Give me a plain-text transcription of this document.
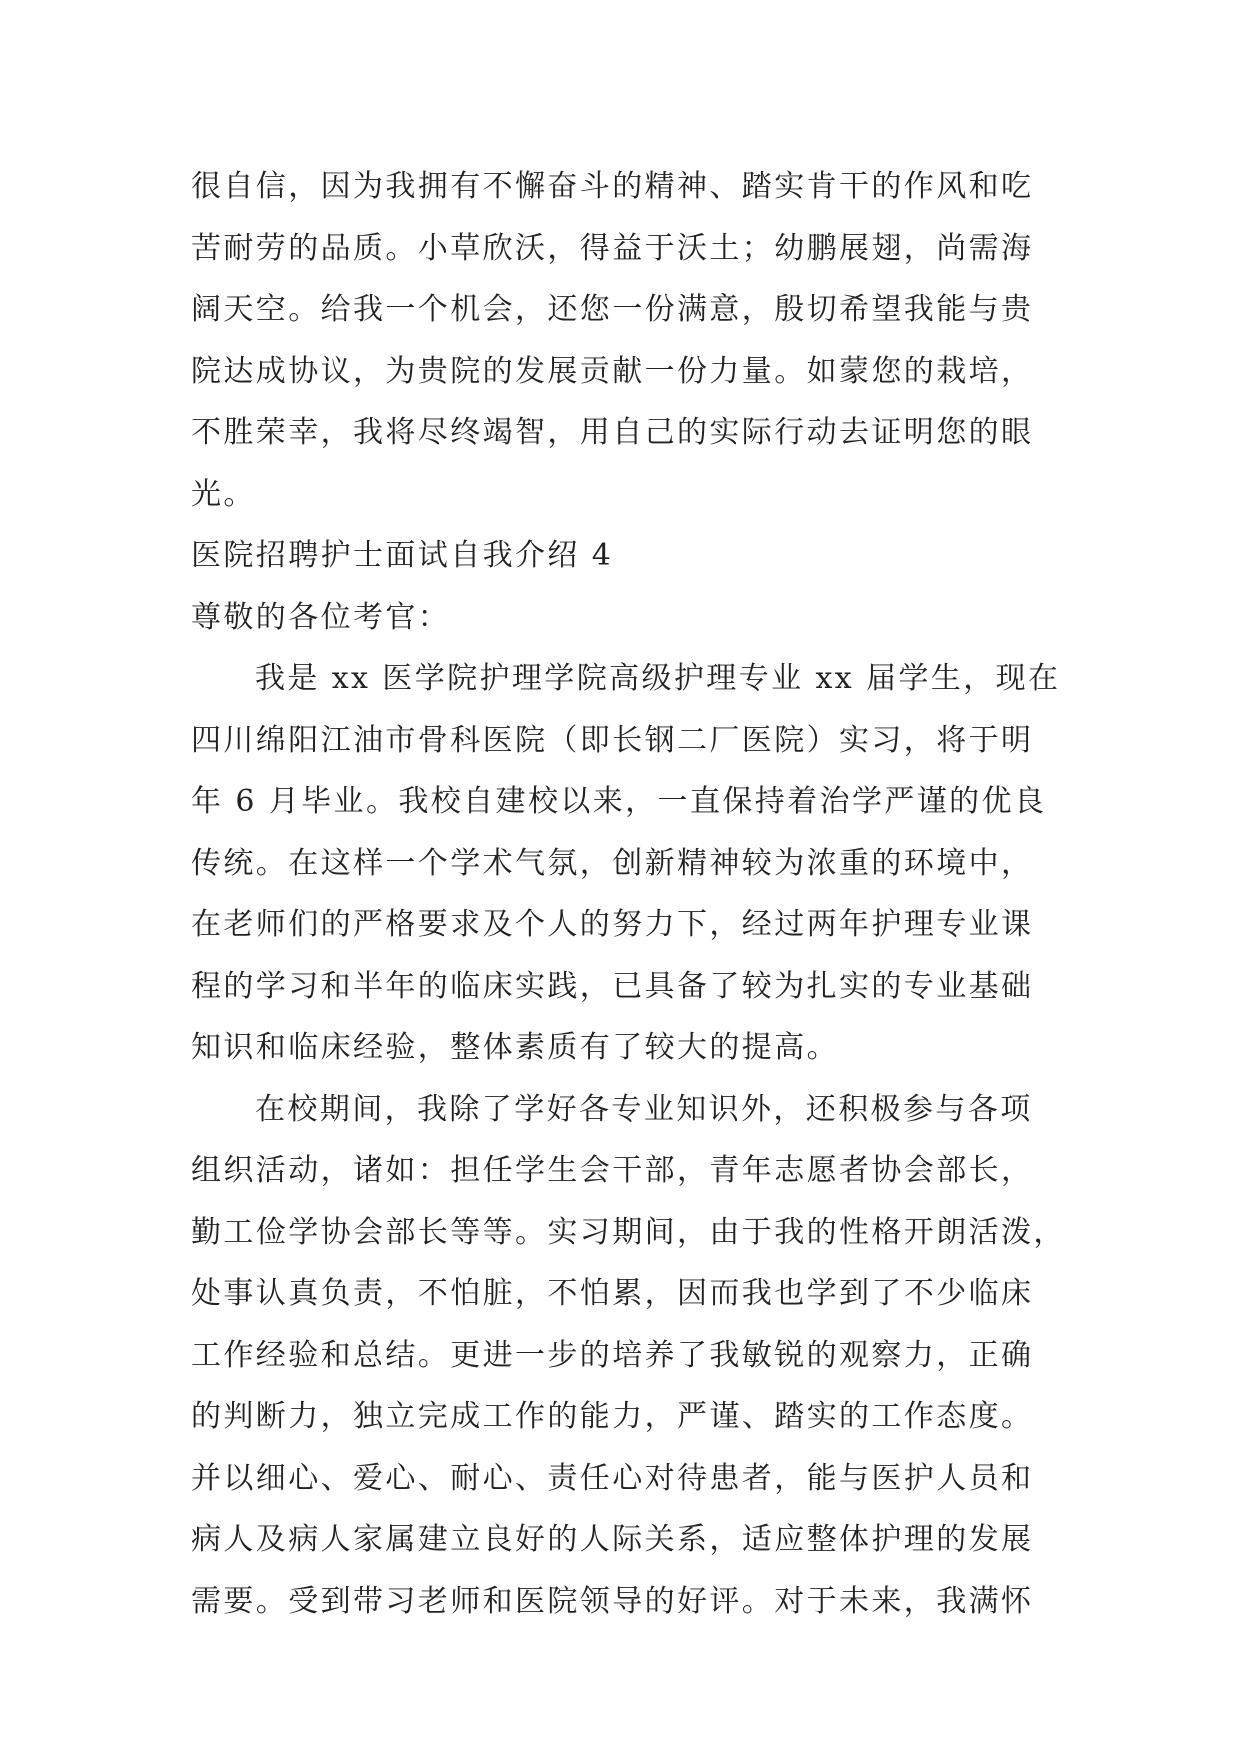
很自信，因为我拥有不懈奋斗的精神、踏实肯干的作风和吃
苦耐劳的品质。小草欣沃，得益于沃土；幼鹏展翅，尚需海
阔天空。给我一个机会，还您一份满意，殷切希望我能与贵
院达成协议，为贵院的发展贡献一份力量。如蒙您的栽培，
不胜荣幸，我将尽终竭智，用自己的实际行动去证明您的眼
光。
医院招聘护士面试自我介绍 4
尊敬的各位考官：
我是 xx 医学院护理学院高级护理专业 xx 届学生，现在
四川绵阳江油市骨科医院（即长钢二厂医院）实习，将于明
年 6 月毕业。我校自建校以来，一直保持着治学严谨的优良
传统。在这样一个学术气氛，创新精神较为浓重的环境中，
在老师们的严格要求及个人的努力下，经过两年护理专业课
程的学习和半年的临床实践，已具备了较为扎实的专业基础
知识和临床经验，整体素质有了较大的提高。
在校期间，我除了学好各专业知识外，还积极参与各项
组织活动，诸如：担任学生会干部，青年志愿者协会部长，
勤工俭学协会部长等等。实习期间，由于我的性格开朗活泼，
处事认真负责，不怕脏，不怕累，因而我也学到了不少临床
工作经验和总结。更进一步的培养了我敏锐的观察力，正确
的判断力，独立完成工作的能力，严谨、踏实的工作态度。
并以细心、爱心、耐心、责任心对待患者，能与医护人员和
病人及病人家属建立良好的人际关系，适应整体护理的发展
需要。受到带习老师和医院领导的好评。对于未来，我满怀
